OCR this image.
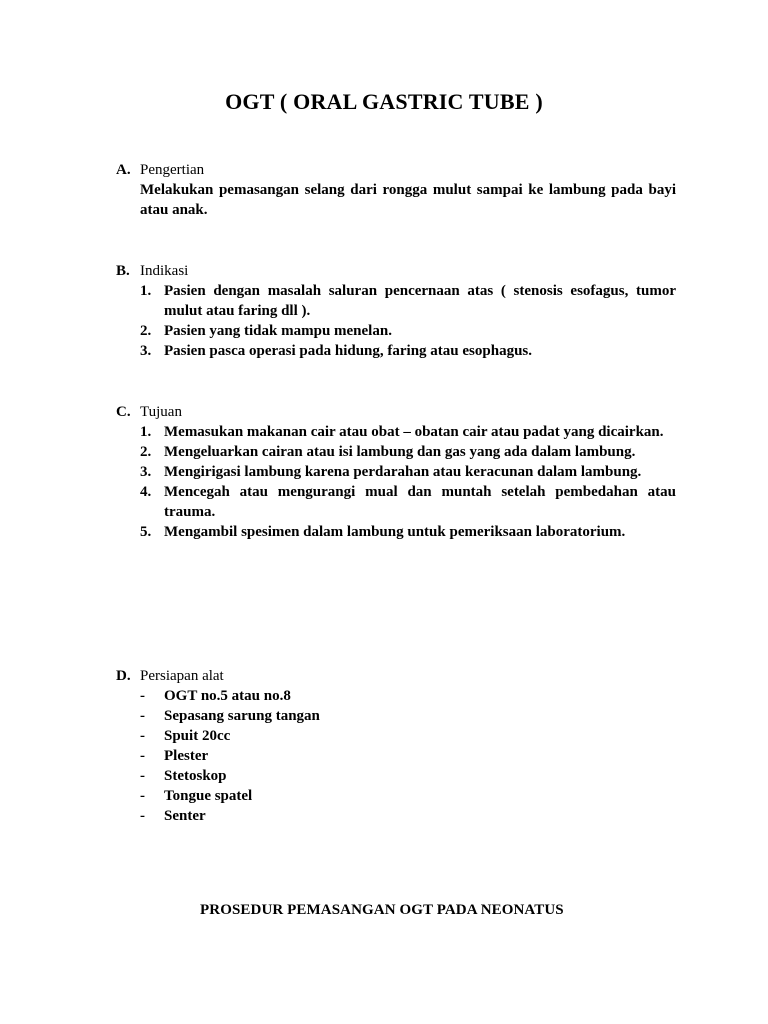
OGT ( ORAL GASTRIC TUBE )
A. Pengertian
Melakukan pemasangan selang dari rongga mulut sampai ke lambung pada bayi atau anak.
B. Indikasi
1. Pasien dengan masalah saluran pencernaan atas ( stenosis esofagus, tumor mulut atau faring dll ).
2. Pasien yang tidak mampu menelan.
3. Pasien pasca operasi pada hidung, faring atau esophagus.
C. Tujuan
1. Memasukan makanan cair atau obat – obatan cair atau padat yang dicairkan.
2. Mengeluarkan cairan atau isi lambung dan gas yang ada dalam lambung.
3. Mengirigasi lambung karena perdarahan atau keracunan dalam lambung.
4. Mencegah atau mengurangi mual dan muntah setelah pembedahan atau trauma.
5. Mengambil spesimen dalam lambung untuk pemeriksaan laboratorium.
D. Persiapan alat
-	OGT no.5 atau no.8
-	Sepasang sarung tangan
-	Spuit 20cc
-	Plester
-	Stetoskop
-	Tongue spatel
-	Senter
PROSEDUR PEMASANGAN OGT PADA NEONATUS
